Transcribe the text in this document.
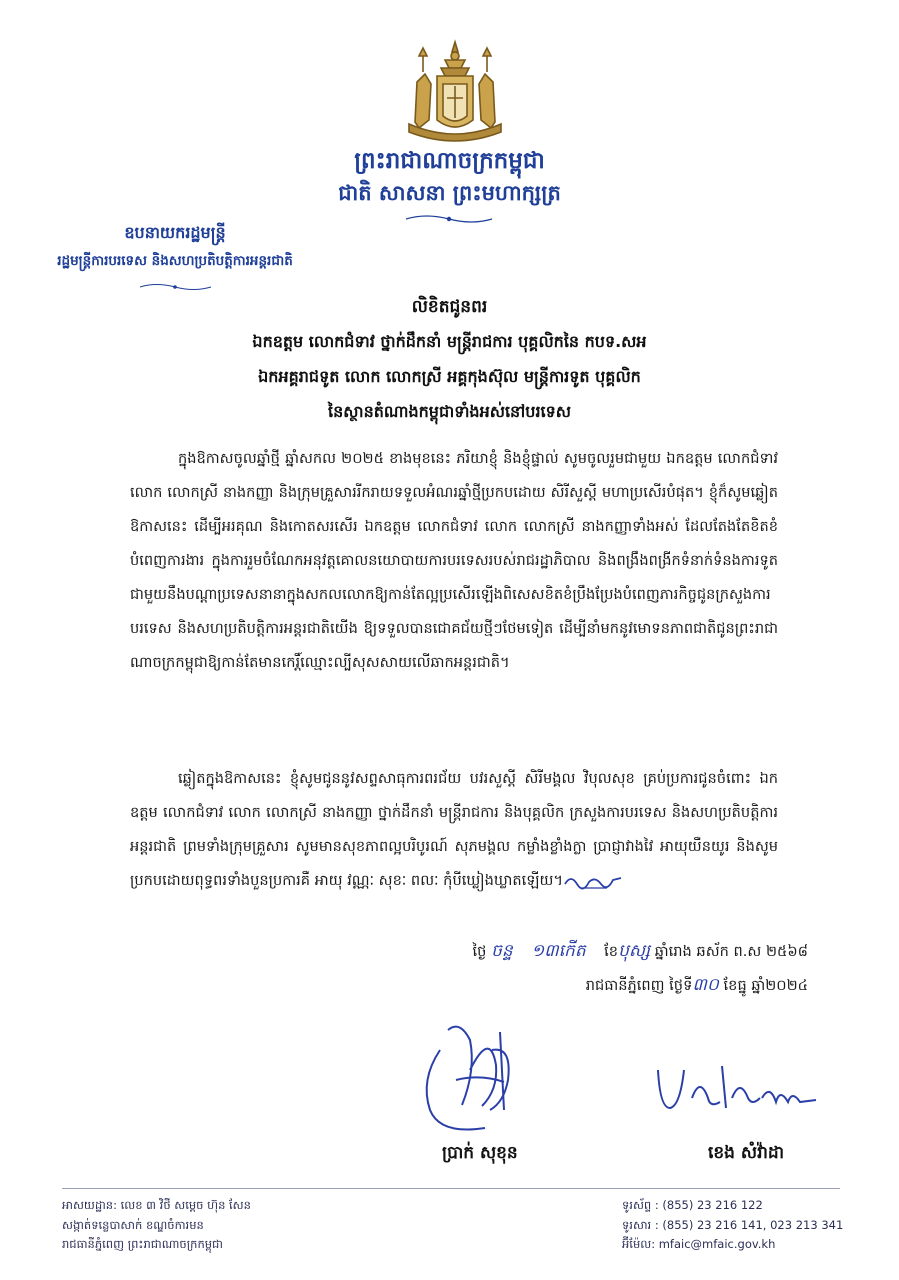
ព្រះរាជាណាចក្រកម្ពុជា
ជាតិ សាសនា ព្រះមហាក្សត្រ
ឧបនាយករដ្ឋមន្ត្រី
រដ្ឋមន្ត្រីការបរទេស និងសហប្រតិបត្តិការអន្តរជាតិ
លិខិតជូនពរ
ឯកឧត្តម លោកជំទាវ ថ្នាក់ដឹកនាំ មន្ត្រីរាជការ បុគ្គលិកនៃ កបទ.សអ
ឯកអគ្គរាជទូត លោក លោកស្រី អគ្គកុងស៊ុល មន្ត្រីការទូត បុគ្គលិក
នៃស្ថានតំណាងកម្ពុជាទាំងអស់នៅបរទេស
ក្នុងឱកាសចូលឆ្នាំថ្មី ឆ្នាំសកល ២០២៥ ខាងមុខនេះ ភរិយាខ្ញុំ និងខ្ញុំផ្ទាល់ សូមចូលរួមជាមួយ ឯកឧត្តម លោកជំទាវ លោក លោកស្រី នាងកញ្ញា និងក្រុមគ្រួសាររីករាយទទួលអំណរឆ្នាំថ្មីប្រកបដោយ សិរីសួស្តី មហាប្រសើរបំផុត។ ខ្ញុំក៏សូមឆ្លៀតឱកាសនេះ ដើម្បីអរគុណ និងកោតសរសើរ ឯកឧត្តម លោកជំទាវ លោក លោកស្រី នាងកញ្ញាទាំងអស់ ដែលតែងតែខិតខំបំពេញការងារ ក្នុងការរួមចំណែកអនុវត្តគោលនយោបាយការបរទេសរបស់រាជរដ្ឋាភិបាល និងពង្រឹងពង្រីកទំនាក់ទំនងការទូតជាមួយនឹងបណ្តាប្រទេសនានាក្នុងសកលលោកឱ្យកាន់តែល្អប្រសើរឡើងពិសេសខិតខំប្រឹងប្រែងបំពេញភារកិច្ចជូនក្រសួងការបរទេស និងសហប្រតិបត្តិការអន្តរជាតិយើង ឱ្យទទួលបានជោគជ័យថ្មីៗថែមទៀត ដើម្បីនាំមកនូវមោទនភាពជាតិជូនព្រះរាជាណាចក្រកម្ពុជាឱ្យកាន់តែមានកេរ្តិ៍ឈ្មោះល្បីសុសសាយលើឆាកអន្តរជាតិ។
ឆ្លៀតក្នុងឱកាសនេះ ខ្ញុំសូមជូននូវសព្ទសាធុការពរជ័យ បវរសួស្តី សិរីមង្គល វិបុលសុខ គ្រប់ប្រការជូនចំពោះ ឯកឧត្តម លោកជំទាវ លោក លោកស្រី នាងកញ្ញា ថ្នាក់ដឹកនាំ មន្ត្រីរាជការ និងបុគ្គលិក ក្រសួងការបរទេស និងសហប្រតិបត្តិការអន្តរជាតិ ព្រមទាំងក្រុមគ្រួសារ សូមមានសុខភាពល្អបរិបូរណ៍ សុភមង្គល កម្លាំងខ្លាំងក្លា ប្រាជ្ញាវាងវៃ អាយុយឺនយូរ និងសូមប្រកបដោយពុទ្ធពរទាំងបួនប្រការគឺ អាយុ វណ្ណៈ សុខៈ ពលៈ កុំបីឃ្លៀងឃ្លាតឡើយ។
ថ្ងៃ ចន្ទ ១៣កើត ខែបុស្ស ឆ្នាំរោង ឆស័ក ព.ស ២៥៦៨
រាជធានីភ្នំពេញ ថ្ងៃទី៣០ ខែធ្នូ ឆ្នាំ២០២៤
ប្រាក់ សុខុន	ខេង សំវ៉ាដា
អាសយដ្ឋាន: លេខ ៣ វិថី សម្តេច ហ៊ុន សែន
សង្កាត់ទន្លេបាសាក់ ខណ្ឌចំការមន
រាជធានីភ្នំពេញ ព្រះរាជាណាចក្រកម្ពុជា
ទូរស័ព្ទ : (855) 23 216 122
ទូរសារ : (855) 23 216 141, 023 213 341
អ៊ីម៉ែល: mfaic@mfaic.gov.kh
